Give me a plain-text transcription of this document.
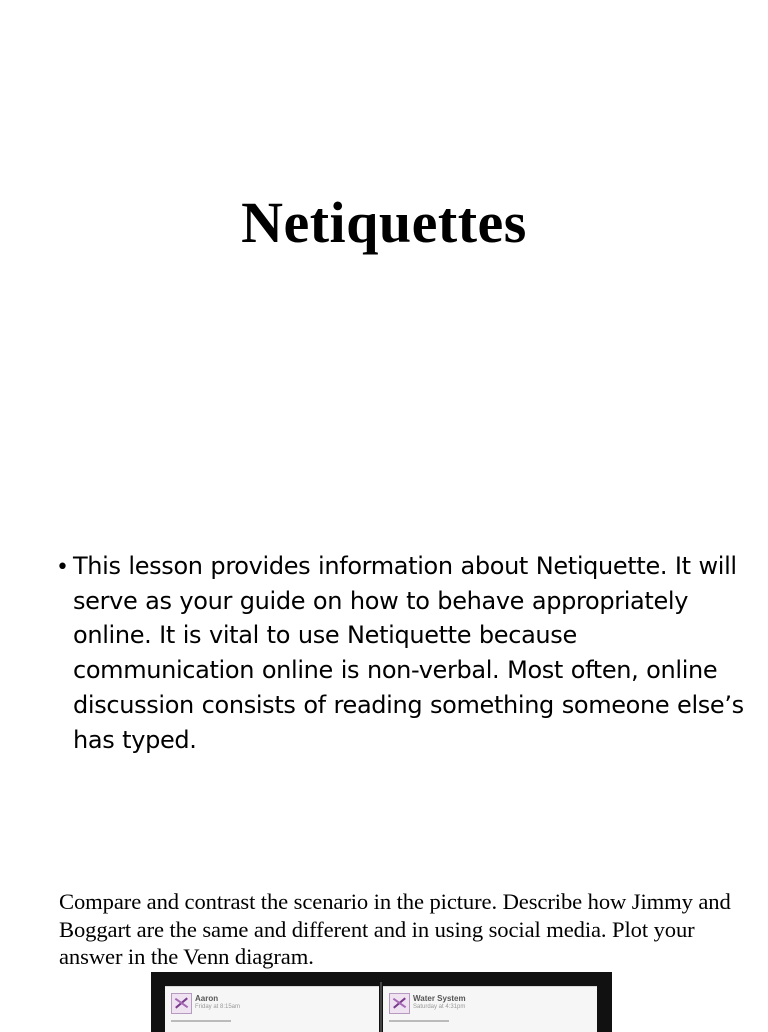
Netiquettes
• This lesson provides information about Netiquette. It will serve as your guide on how to behave appropriately online. It is vital to use Netiquette because communication online is non-verbal. Most often, online discussion consists of reading something someone else’s has typed.
Compare and contrast the scenario in the picture. Describe how Jimmy and Boggart are the same and different and in using social media. Plot your answer in the Venn diagram.
Aaron
Friday at 8:15am
Water System
Saturday at 4:31pm
